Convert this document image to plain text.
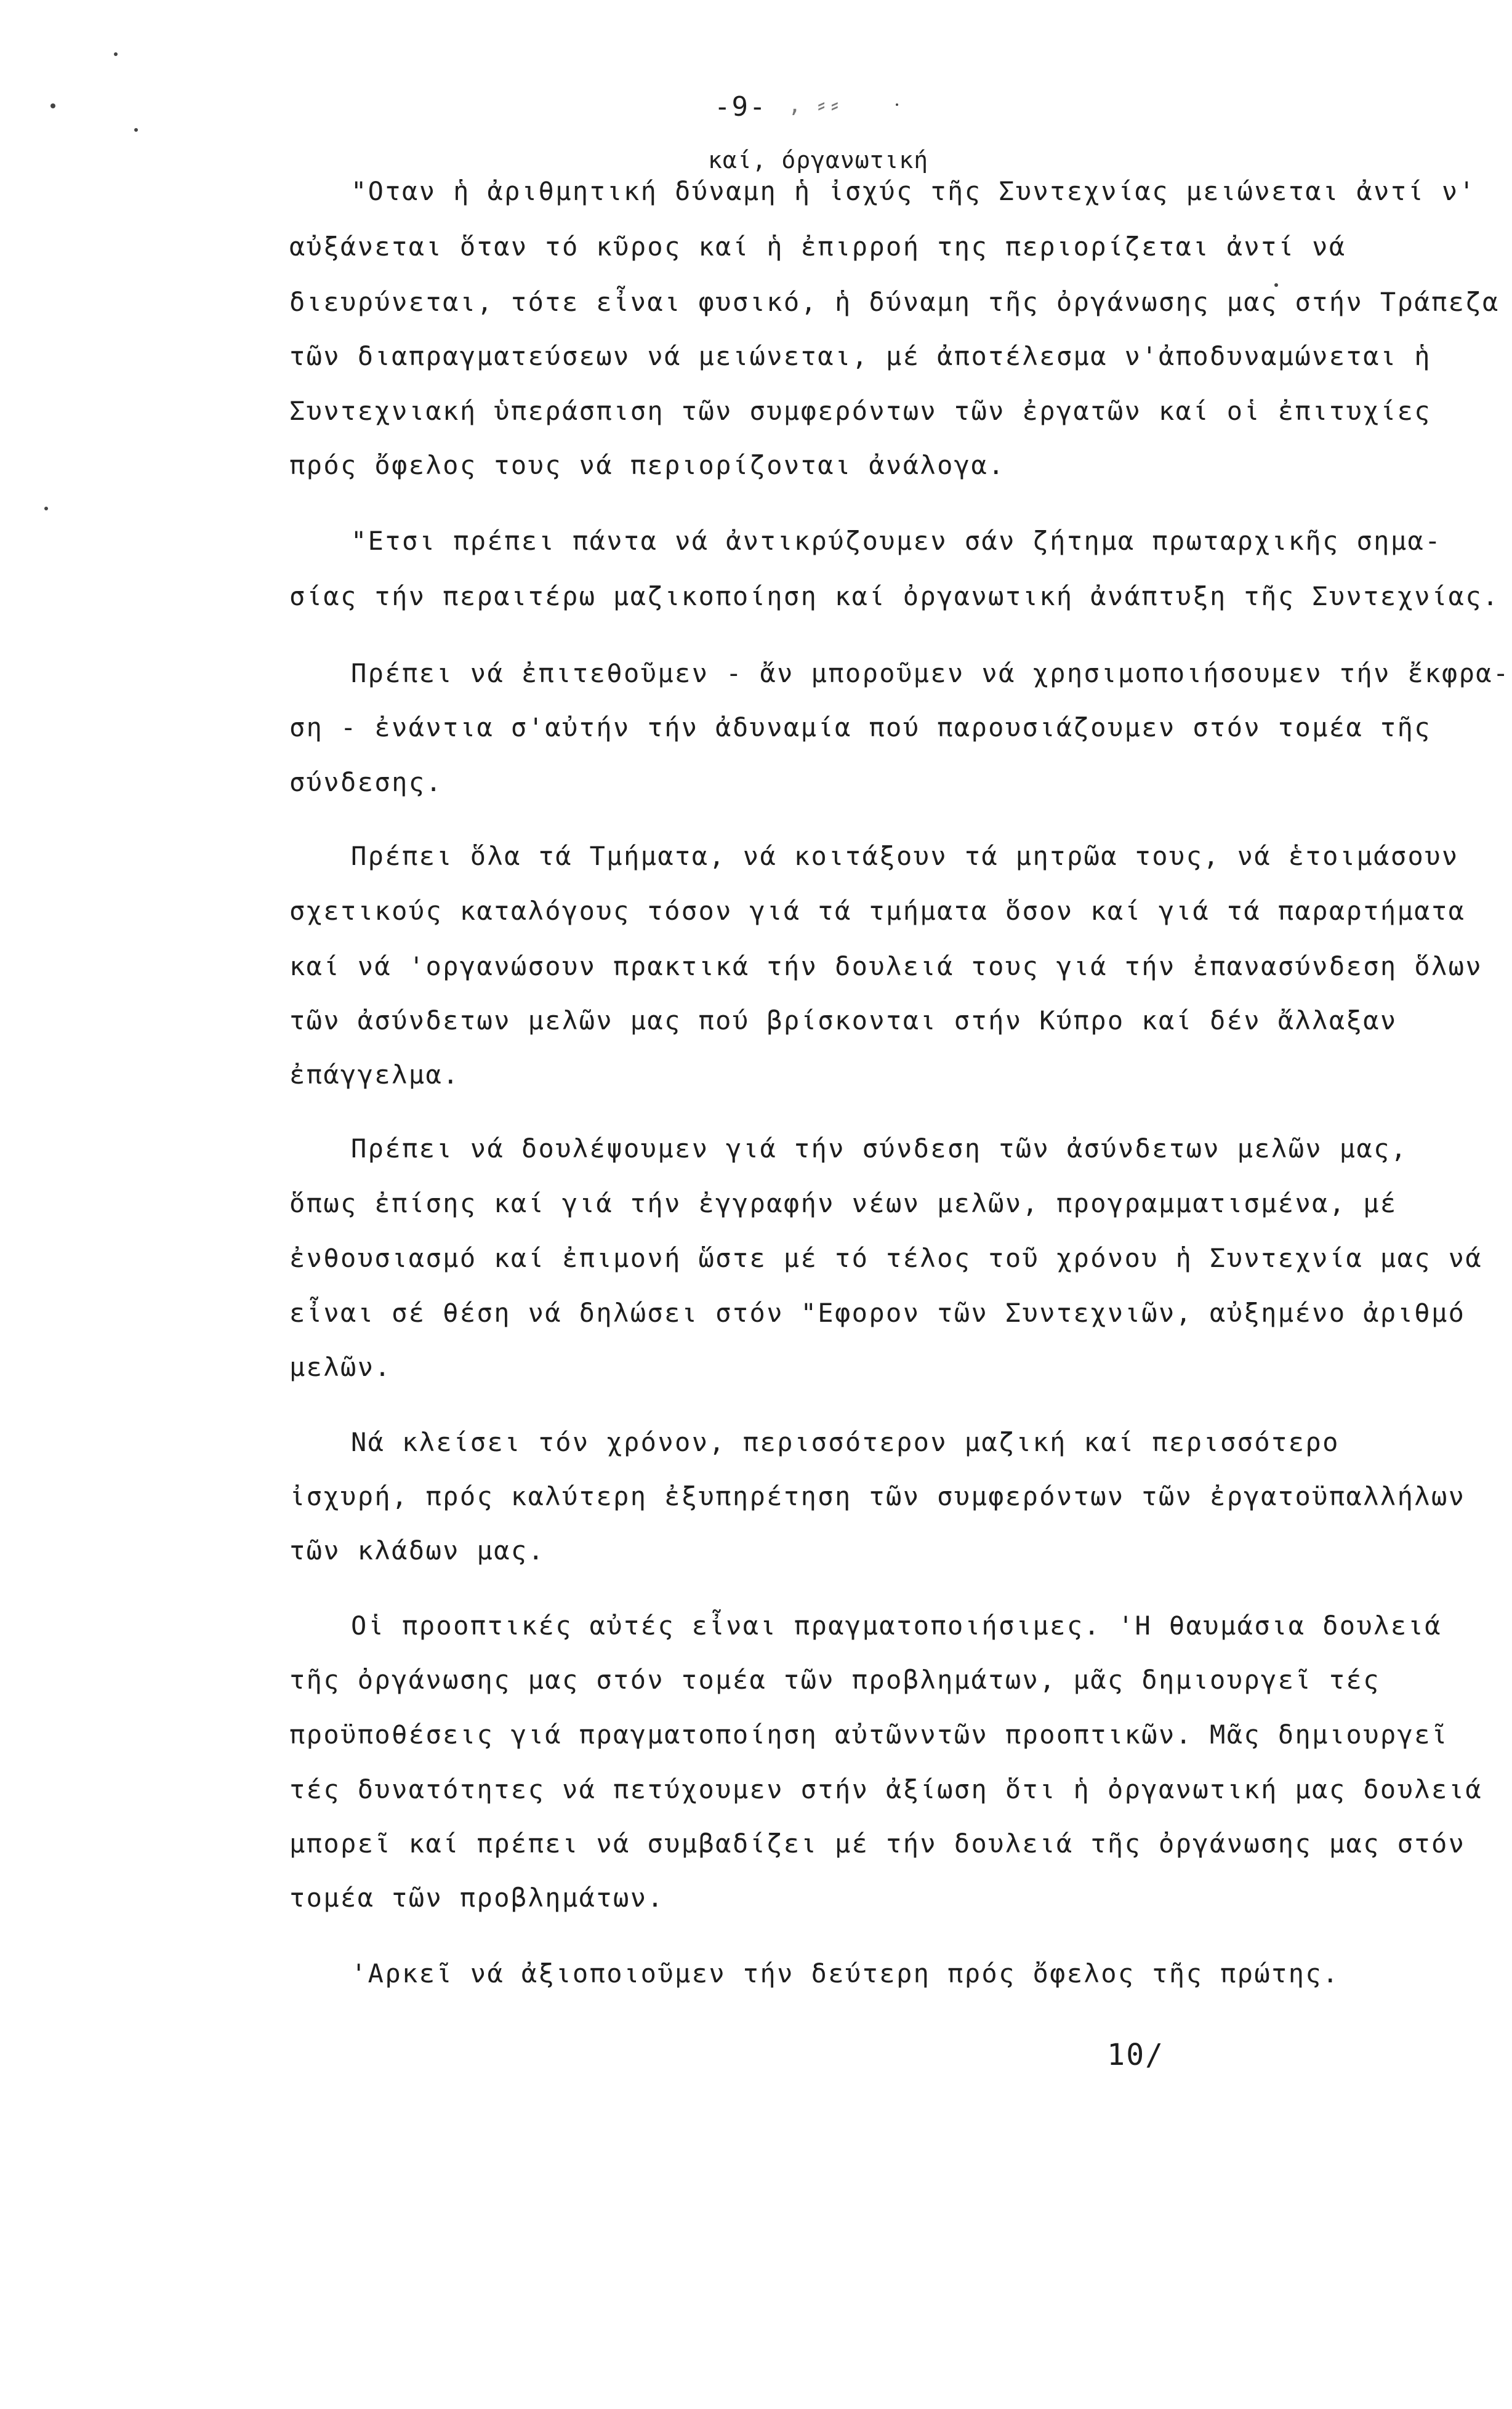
-9- , ⸗⸗
καί, όργανωτική
"Οταν ἡ ἀριθμητική δύναμη ἡ ἰσχύς τῆς Συντεχνίας μειώνεται ἀντί ν'
αὐξάνεται ὅταν τό κῦρος καί ἡ ἐπιρροή της περιορίζεται ἀντί νά
διευρύνεται, τότε εἶναι φυσικό, ἡ δύναμη τῆς ὀργάνωσης μας στήν Τράπεζα
τῶν διαπραγματεύσεων νά μειώνεται, μέ ἀποτέλεσμα ν'ἀποδυναμώνεται ἡ
Συντεχνιακή ὑπεράσπιση τῶν συμφερόντων τῶν ἐργατῶν καί οἱ ἐπιτυχίες
πρός ὄφελος τους νά περιορίζονται ἀνάλογα.
"Ετσι πρέπει πάντα νά ἀντικρύζουμεν σάν ζήτημα πρωταρχικῆς σημα-
σίας τήν περαιτέρω μαζικοποίηση καί ὀργανωτική ἀνάπτυξη τῆς Συντεχνίας.
Πρέπει νά ἐπιτεθοῦμεν - ἄν μποροῦμεν νά χρησιμοποιήσουμεν τήν ἔκφρα-
ση - ἐνάντια σ'αὐτήν τήν ἀδυναμία πού παρουσιάζουμεν στόν τομέα τῆς
σύνδεσης.
Πρέπει ὅλα τά Τμήματα, νά κοιτάξουν τά μητρῶα τους, νά ἑτοιμάσουν
σχετικούς καταλόγους τόσον γιά τά τμήματα ὅσον καί γιά τά παραρτήματα
καί νά 'οργανώσουν πρακτικά τήν δουλειά τους γιά τήν ἐπανασύνδεση ὅλων
τῶν ἀσύνδετων μελῶν μας πού βρίσκονται στήν Κύπρο καί δέν ἄλλαξαν
ἐπάγγελμα.
Πρέπει νά δουλέψουμεν γιά τήν σύνδεση τῶν ἀσύνδετων μελῶν μας,
ὅπως ἐπίσης καί γιά τήν ἐγγραφήν νέων μελῶν, προγραμματισμένα, μέ
ἐνθουσιασμό καί ἐπιμονή ὥστε μέ τό τέλος τοῦ χρόνου ἡ Συντεχνία μας νά
εἶναι σέ θέση νά δηλώσει στόν "Εφορον τῶν Συντεχνιῶν, αὐξημένο ἀριθμό
μελῶν.
Νά κλείσει τόν χρόνον, περισσότερον μαζική καί περισσότερο
ἰσχυρή, πρός καλύτερη ἐξυπηρέτηση τῶν συμφερόντων τῶν ἐργατοϋπαλλήλων
τῶν κλάδων μας.
Οἱ προοπτικές αὐτές εἶναι πραγματοποιήσιμες. 'Η θαυμάσια δουλειά
τῆς ὀργάνωσης μας στόν τομέα τῶν προβλημάτων, μᾶς δημιουργεῖ τές
προϋποθέσεις γιά πραγματοποίηση αὐτῶνντῶν προοπτικῶν. Μᾶς δημιουργεῖ
τές δυνατότητες νά πετύχουμεν στήν ἀξίωση ὅτι ἡ ὀργανωτική μας δουλειά
μπορεῖ καί πρέπει νά συμβαδίζει μέ τήν δουλειά τῆς ὀργάνωσης μας στόν
τομέα τῶν προβλημάτων.
'Αρκεῖ νά ἀξιοποιοῦμεν τήν δεύτερη πρός ὄφελος τῆς πρώτης.
10/
